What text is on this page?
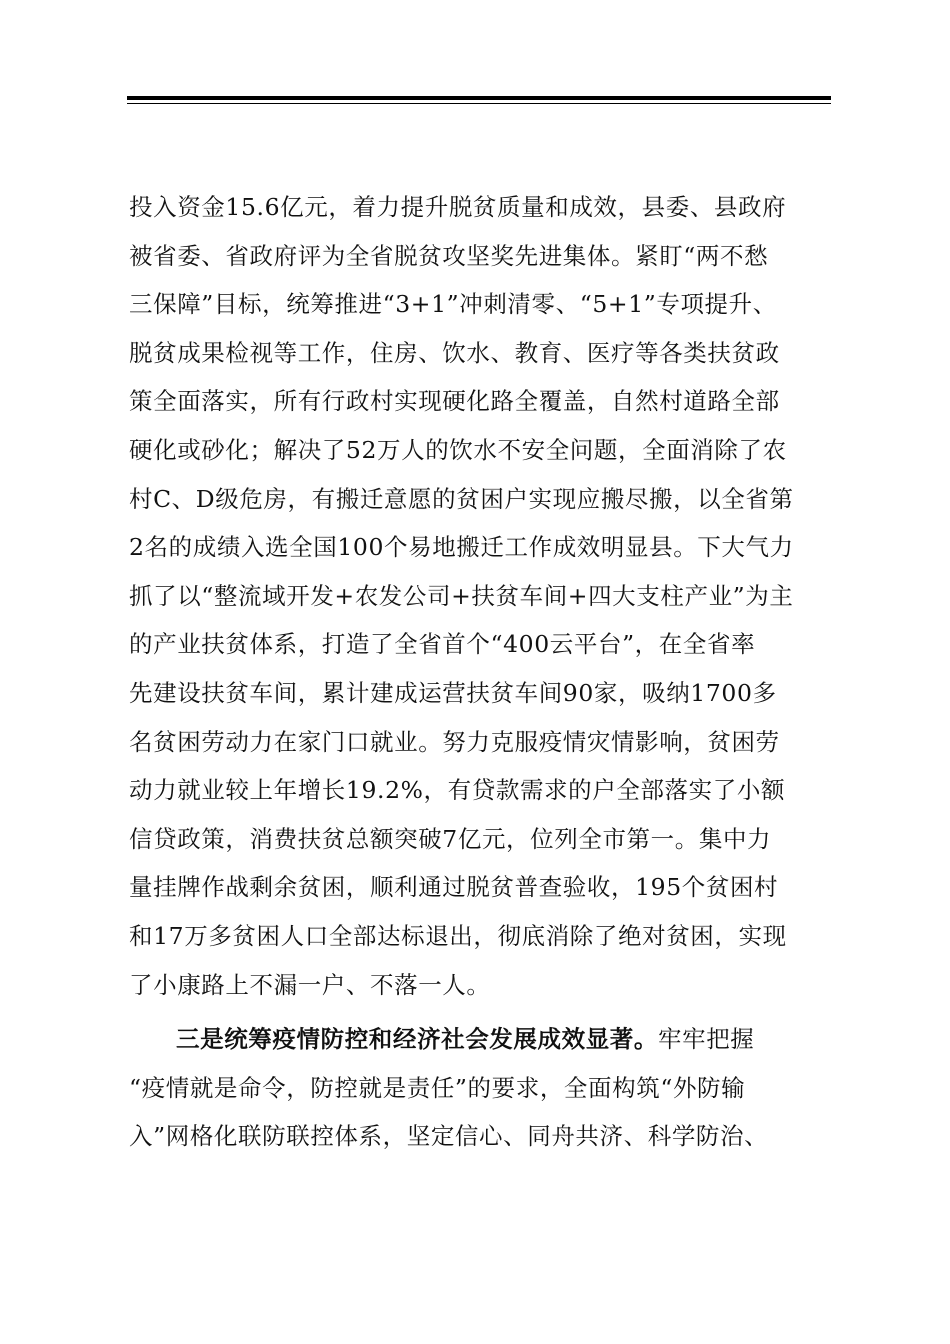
投入资金15.6亿元，着力提升脱贫质量和成效，县委、县政府
被省委、省政府评为全省脱贫攻坚奖先进集体。紧盯“两不愁
三保障”目标，统筹推进“3+1”冲刺清零、“5+1”专项提升、
脱贫成果检视等工作，住房、饮水、教育、医疗等各类扶贫政
策全面落实，所有行政村实现硬化路全覆盖，自然村道路全部
硬化或砂化；解决了52万人的饮水不安全问题，全面消除了农
村C、D级危房，有搬迁意愿的贫困户实现应搬尽搬，以全省第
2名的成绩入选全国100个易地搬迁工作成效明显县。下大气力
抓了以“整流域开发+农发公司+扶贫车间+四大支柱产业”为主
的产业扶贫体系，打造了全省首个“400云平台”，在全省率
先建设扶贫车间，累计建成运营扶贫车间90家，吸纳1700多
名贫困劳动力在家门口就业。努力克服疫情灾情影响，贫困劳
动力就业较上年增长19.2%，有贷款需求的户全部落实了小额
信贷政策，消费扶贫总额突破7亿元，位列全市第一。集中力
量挂牌作战剩余贫困，顺利通过脱贫普查验收，195个贫困村
和17万多贫困人口全部达标退出，彻底消除了绝对贫困，实现
了小康路上不漏一户、不落一人。
三是统筹疫情防控和经济社会发展成效显著。牢牢把握
“疫情就是命令，防控就是责任”的要求，全面构筑“外防输
入”网格化联防联控体系，坚定信心、同舟共济、科学防治、
